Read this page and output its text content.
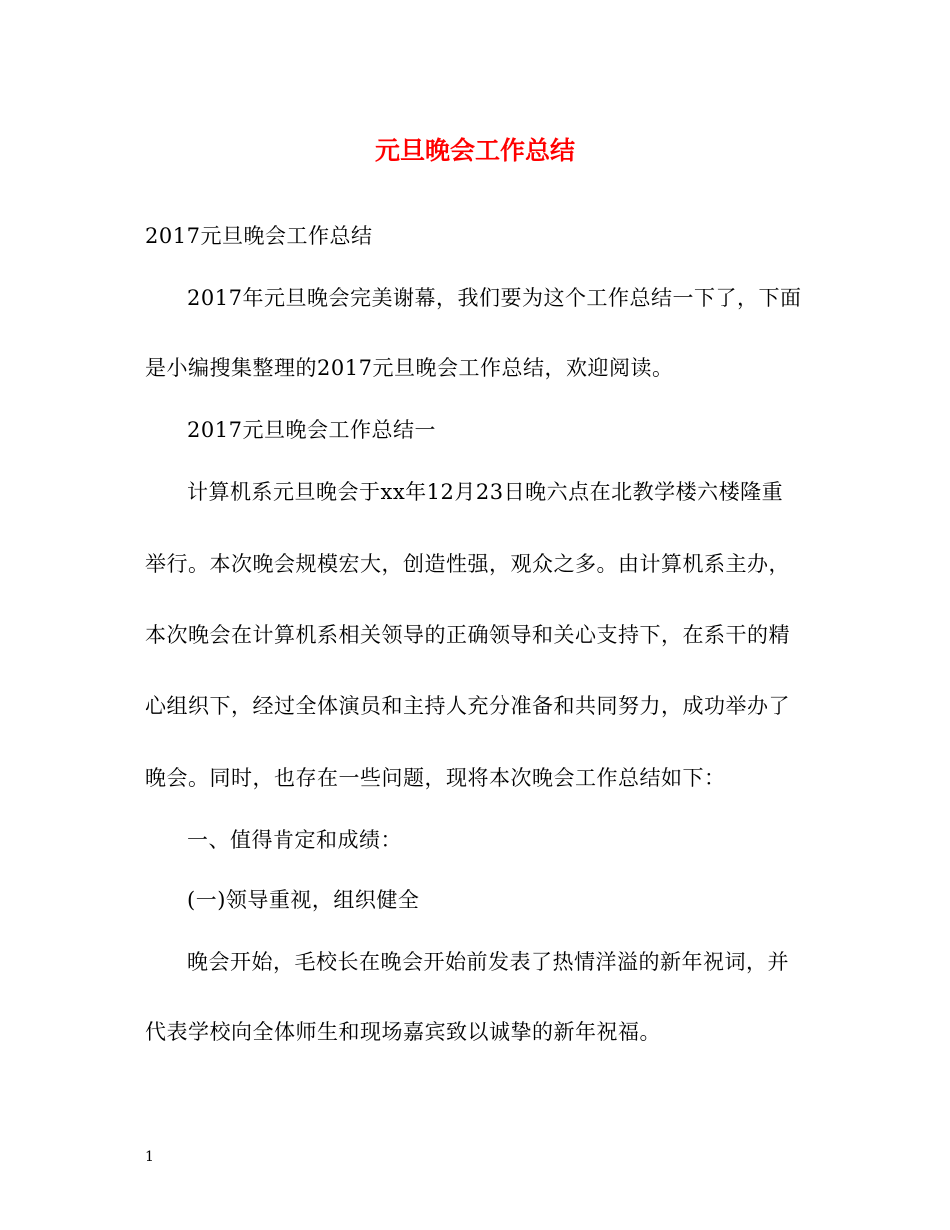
元旦晚会工作总结
2017元旦晚会工作总结
2017年元旦晚会完美谢幕，我们要为这个工作总结一下了，下面
是小编搜集整理的2017元旦晚会工作总结，欢迎阅读。
2017元旦晚会工作总结一
计算机系元旦晚会于xx年12月23日晚六点在北教学楼六楼隆重
举行。本次晚会规模宏大，创造性强，观众之多。由计算机系主办，
本次晚会在计算机系相关领导的正确领导和关心支持下，在系干的精
心组织下，经过全体演员和主持人充分准备和共同努力，成功举办了
晚会。同时，也存在一些问题，现将本次晚会工作总结如下：
一、值得肯定和成绩：
(一)领导重视，组织健全
晚会开始，毛校长在晚会开始前发表了热情洋溢的新年祝词，并
代表学校向全体师生和现场嘉宾致以诚挚的新年祝福。
1
